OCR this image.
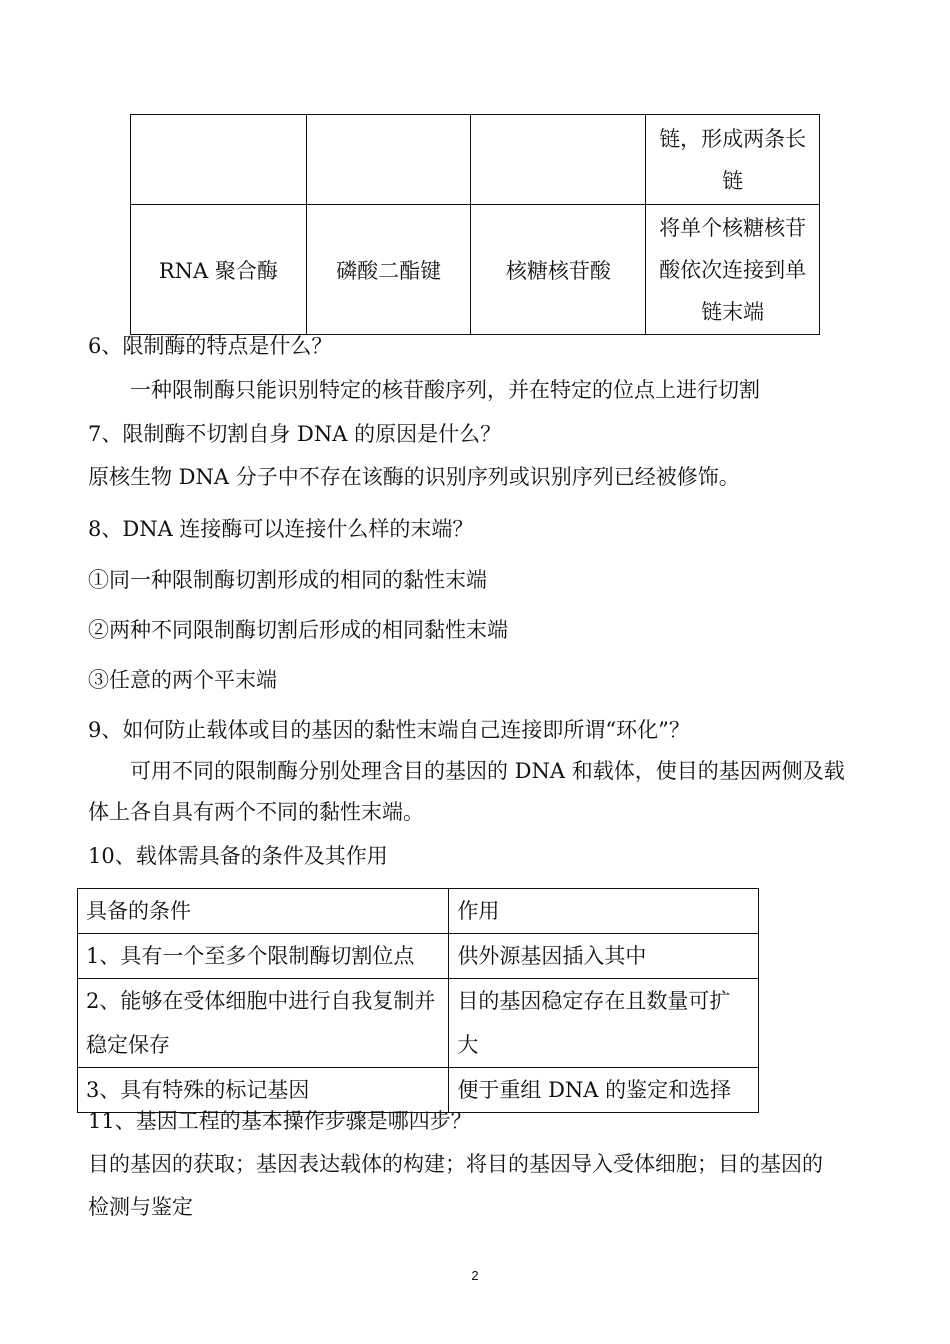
			链，形成两条长链

RNA 聚合酶	磷酸二酯键	核糖核苷酸	将单个核糖核苷酸依次连接到单链末端
6、限制酶的特点是什么？
一种限制酶只能识别特定的核苷酸序列，并在特定的位点上进行切割
7、限制酶不切割自身 DNA 的原因是什么？
原核生物 DNA 分子中不存在该酶的识别序列或识别序列已经被修饰。
8、DNA 连接酶可以连接什么样的末端？
①同一种限制酶切割形成的相同的黏性末端
②两种不同限制酶切割后形成的相同黏性末端
③任意的两个平末端
9、如何防止载体或目的基因的黏性末端自己连接即所谓“环化”？
可用不同的限制酶分别处理含目的基因的 DNA 和载体，使目的基因两侧及载
体上各自具有两个不同的黏性末端。
10、载体需具备的条件及其作用
具备的条件	作用
1、具有一个至多个限制酶切割位点	供外源基因插入其中
2、能够在受体细胞中进行自我复制并稳定保存	目的基因稳定存在且数量可扩大
3、具有特殊的标记基因	便于重组 DNA 的鉴定和选择
11、基因工程的基本操作步骤是哪四步？
目的基因的获取；基因表达载体的构建；将目的基因导入受体细胞；目的基因的
检测与鉴定
2
